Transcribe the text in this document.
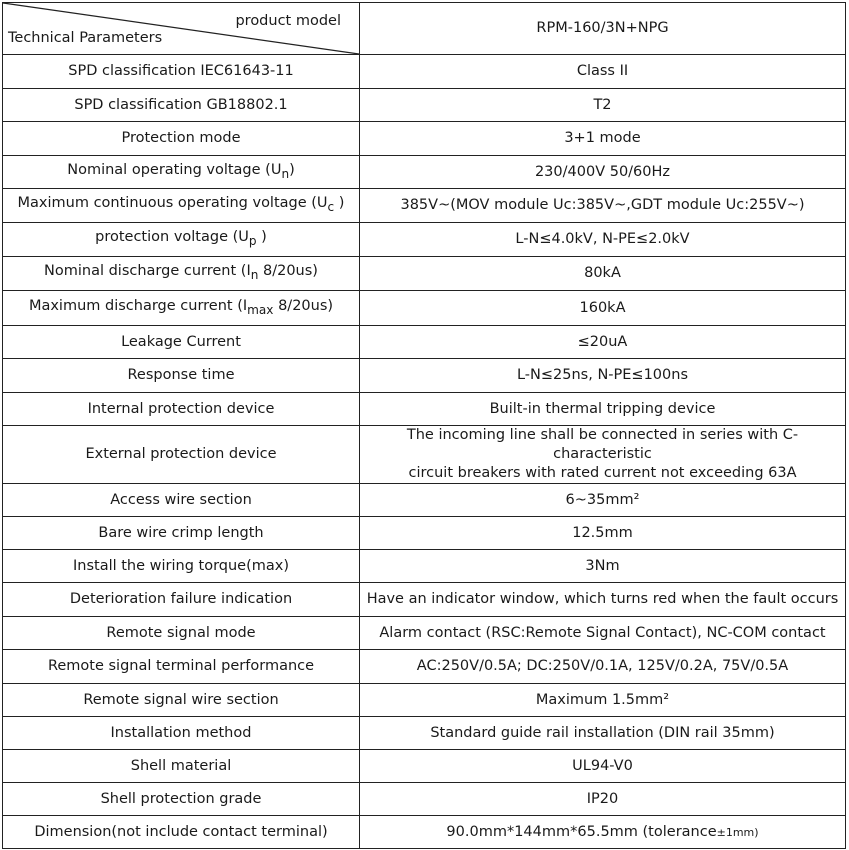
product model
Technical Parameters	RPM-160/3N+NPG
SPD classification IEC61643-11	Class II
SPD classification GB18802.1	T2
Protection mode	3+1 mode
Nominal operating voltage $(U_n)$	230/400V 50/60Hz
Maximum continuous operating voltage ($U_c$ )	385V~(MOV module Uc:385V~,GDT module Uc:255V~)
protection voltage ($U_p$ )	L-N≤4.0kV, N-PE≤2.0kV
Nominal discharge current ($I_n$ 8/20us)	80kA
Maximum discharge current ($I_{max}$ 8/20us)	160kA
Leakage Current	≤20uA
Response time	L-N≤25ns, N-PE≤100ns
Internal protection device	Built-in thermal tripping device
External protection device	The incoming line shall be connected in series with C-characteristic
circuit breakers with rated current not exceeding 63A
Access wire section	6~35mm²
Bare wire crimp length	12.5mm
Install the wiring torque(max)	3Nm
Deterioration failure indication	Have an indicator window, which turns red when the fault occurs
Remote signal mode	Alarm contact (RSC:Remote Signal Contact), NC-COM contact
Remote signal terminal performance	AC:250V/0.5A; DC:250V/0.1A, 125V/0.2A, 75V/0.5A
Remote signal wire section	Maximum 1.5mm²
Installation method	Standard guide rail installation (DIN rail 35mm)
Shell material	UL94-V0
Shell protection grade	IP20
Dimension(not include contact terminal)	90.0mm*144mm*65.5mm (tolerance±1mm)
